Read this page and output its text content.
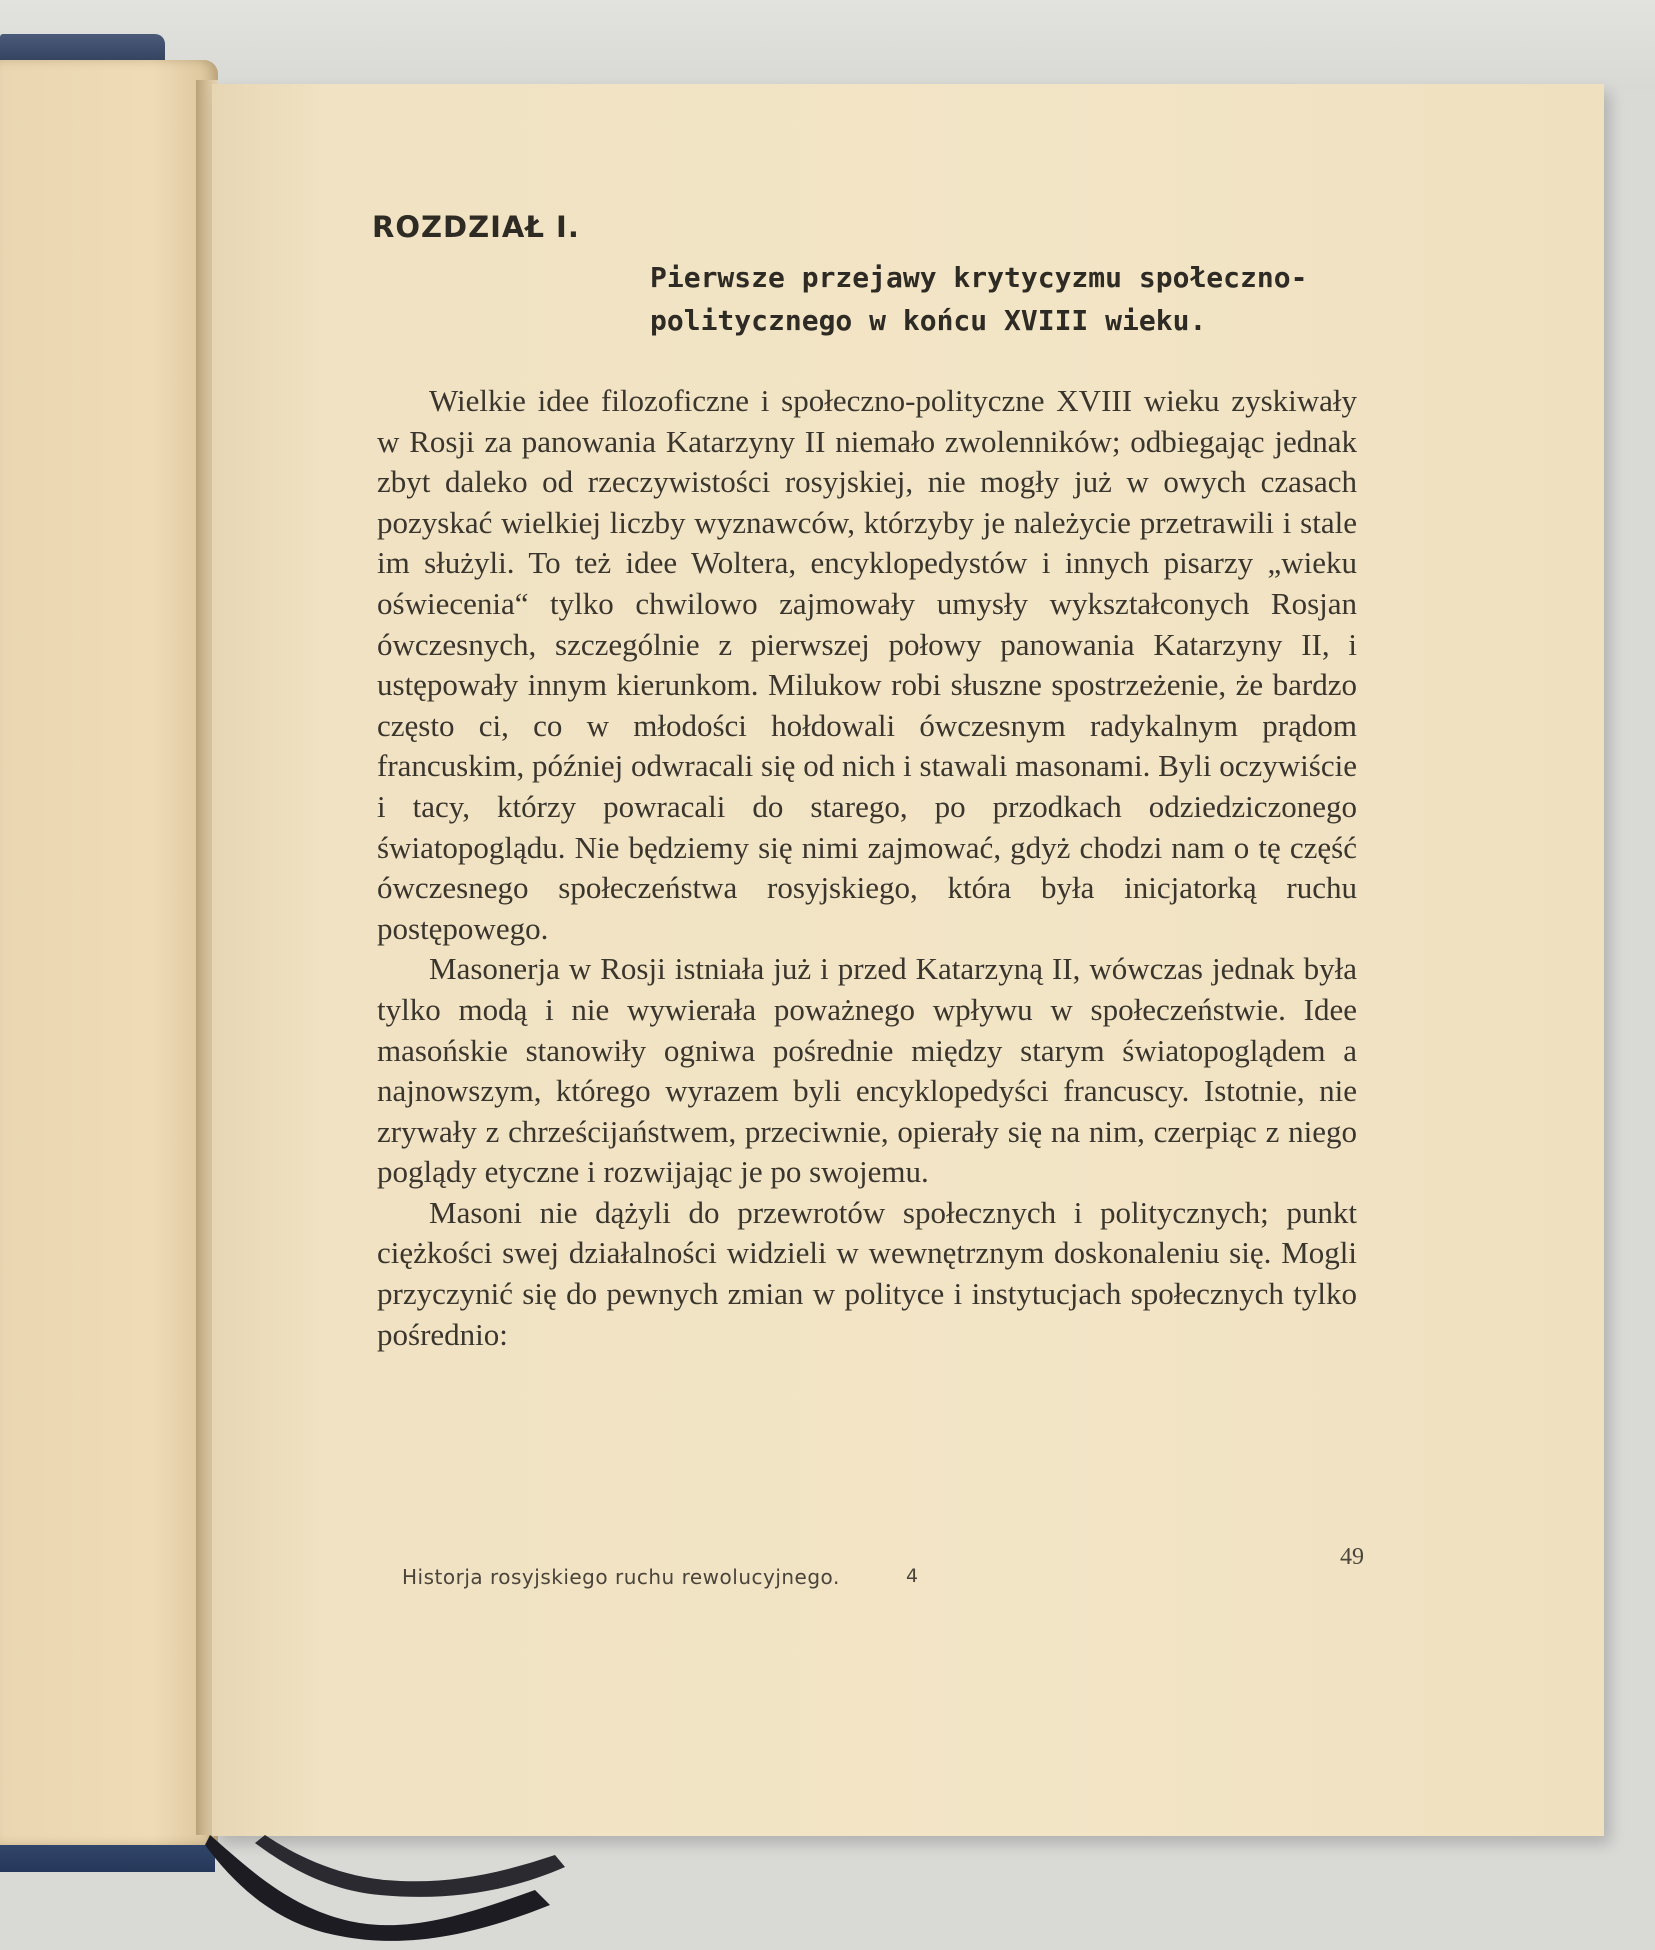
ROZDZIAŁ I.
Pierwsze przejawy krytycyzmu społeczno-
politycznego w końcu XVIII wieku.

Wielkie idee filozoficzne i społeczno-polityczne XVIII wieku zyskiwały w Rosji za panowania Katarzyny II niemało zwolenników; odbiegając jednak zbyt daleko od rzeczywistości rosyjskiej, nie mogły już w owych czasach pozyskać wielkiej liczby wyznawców, którzyby je należycie przetrawili i stale im służyli. To też idee Woltera, encyklopedystów i innych pisarzy „wieku oświecenia“ tylko chwilowo zajmowały umysły wykształconych Rosjan ówczesnych, szczególnie z pierwszej połowy panowania Katarzyny II, i ustępowały innym kierunkom. Milukow robi słuszne spostrzeżenie, że bardzo często ci, co w młodości hołdowali ówczesnym radykalnym prądom francuskim, później odwracali się od nich i stawali masonami. Byli oczywiście i tacy, którzy powracali do starego, po przodkach odziedziczonego światopoglądu. Nie będziemy się nimi zajmować, gdyż chodzi nam o tę część ówczesnego społeczeństwa rosyjskiego, która była inicjatorką ruchu postępowego.

Masonerja w Rosji istniała już i przed Katarzyną II, wówczas jednak była tylko modą i nie wywierała poważnego wpływu w społeczeństwie. Idee masońskie stanowiły ogniwa pośrednie między starym światopoglądem a najnowszym, którego wyrazem byli encyklopedyści francuscy. Istotnie, nie zrywały z chrześcijaństwem, przeciwnie, opierały się na nim, czerpiąc z niego poglądy etyczne i rozwijając je po swojemu.

Masoni nie dążyli do przewrotów społecznych i politycznych; punkt ciężkości swej działalności widzieli w wewnętrznym doskonaleniu się. Mogli przyczynić się do pewnych zmian w polityce i instytucjach społecznych tylko pośrednio:

Historja rosyjskiego ruchu rewolucyjnego.	4
49
